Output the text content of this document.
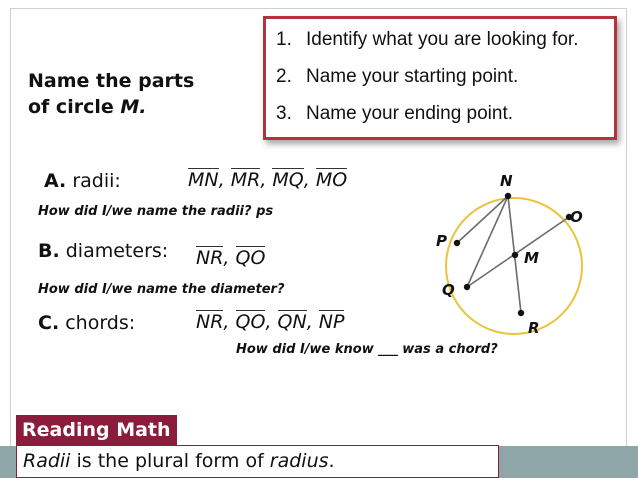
1. Identify what you are looking for.
2. Name your starting point.
3. Name your ending point.
Name the parts
of circle M.
A. radii:	MN, MR, MQ, MO
How did I/we name the radii? ps
B. diameters: NR, QO
How did I/we name the diameter?
C. chords:	NR, QO, QN, NP
How did I/we know ___ was a chord?
N
O
P
M
Q
R
Reading Math
Radii is the plural form of radius.
